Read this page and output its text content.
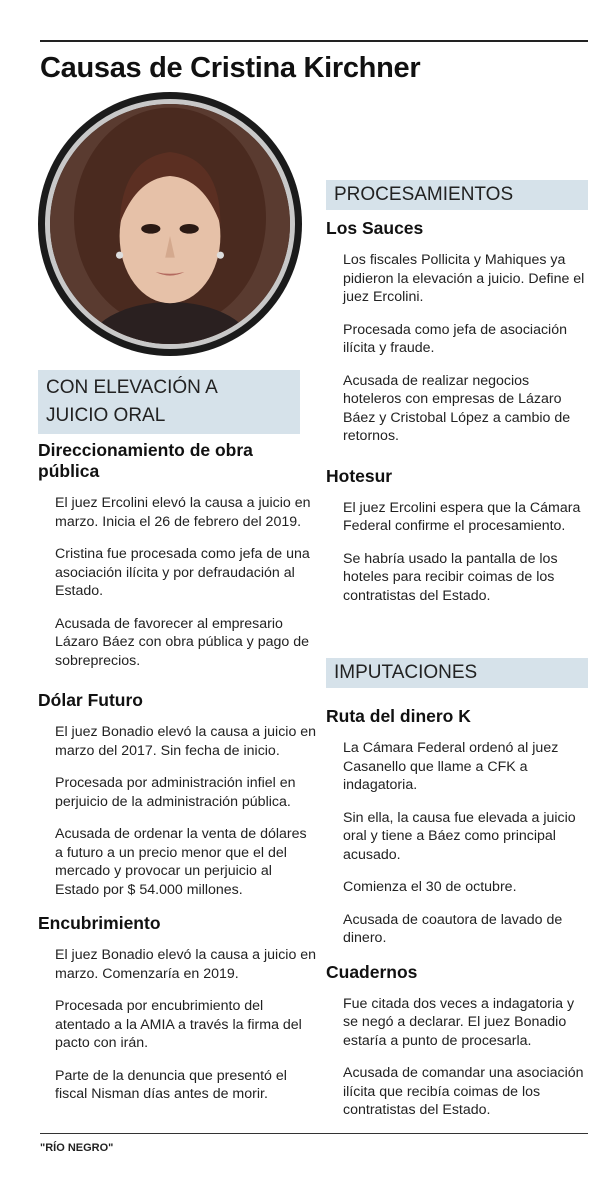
Causas de Cristina Kirchner
CON ELEVACIÓN A
JUICIO ORAL
Direccionamiento de obra pública

El juez Ercolini elevó la causa a juicio en marzo. Inicia el 26 de febrero del 2019.

Cristina fue procesada como jefa de una asociación ilícita y por defraudación al Estado.

Acusada de favorecer al empresario Lázaro Báez con obra pública y pago de sobreprecios.

Dólar Futuro

El juez Bonadio elevó la causa a juicio en marzo del 2017. Sin fecha de inicio.

Procesada por administración infiel en perjuicio de la administración pública.

Acusada de ordenar la venta de dólares a futuro a un precio menor que el del mercado y provocar un perjuicio al Estado por $ 54.000 millones.

Encubrimiento

El juez Bonadio elevó la causa a juicio en marzo. Comenzaría en 2019.

Procesada por encubrimiento del atentado a la AMIA a través la firma del pacto con irán.

Parte de la denuncia que presentó el fiscal Nisman días antes de morir.

PROCESAMIENTOS
Los Sauces

Los fiscales Pollicita y Mahiques ya pidieron la elevación a juicio. Define el juez Ercolini.

Procesada como jefa de asociación ilícita y fraude.

Acusada de realizar negocios hoteleros con empresas de Lázaro Báez y Cristobal López a cambio de retornos.

Hotesur

El juez Ercolini espera que la Cámara Federal confirme el procesamiento.

Se habría usado la pantalla de los hoteles para recibir coimas de los contratistas del Estado.

IMPUTACIONES
Ruta del dinero K

La Cámara Federal ordenó al juez Casanello que llame a CFK a indagatoria.

Sin ella, la causa fue elevada a juicio oral y tiene a Báez como principal acusado.

Comienza el 30 de octubre.

Acusada de coautora de lavado de dinero.

Cuadernos

Fue citada dos veces a indagatoria y se negó a declarar. El juez Bonadio estaría a punto de procesarla.

Acusada de comandar una asociación ilícita que recibía coimas de los contratistas del Estado.

"RÍO NEGRO"
